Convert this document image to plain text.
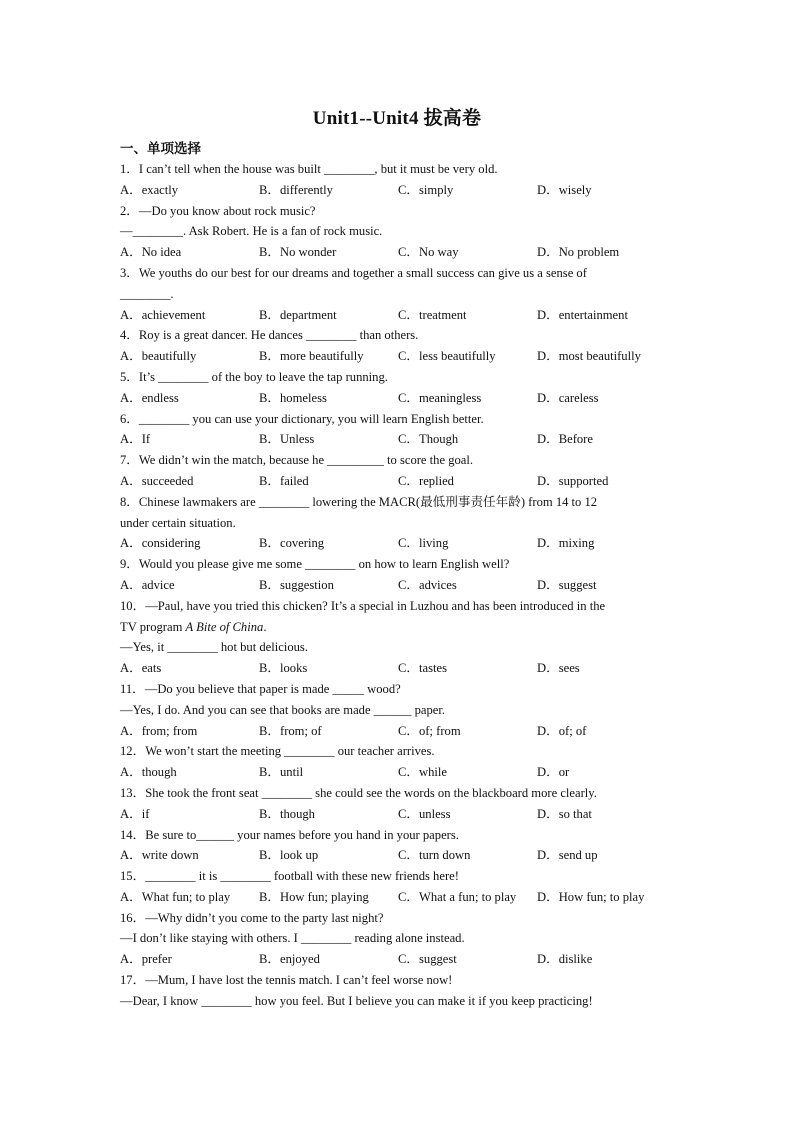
Unit1--Unit4 拔高卷
一、单项选择
1．I can’t tell when the house was built ________, but it must be very old.
A．exactly	B．differently	C．simply	D．wisely
2．—Do you know about rock music?
—________. Ask Robert. He is a fan of rock music.
A．No idea	B．No wonder	C．No way	D．No problem
3．We youths do our best for our dreams and together a small success can give us a sense of
________.
A．achievement	B．department	C．treatment	D．entertainment
4．Roy is a great dancer. He dances ________ than others.
A．beautifully	B．more beautifully	C．less beautifully	D．most beautifully
5．It’s ________ of the boy to leave the tap running.
A．endless	B．homeless	C．meaningless	D．careless
6．________ you can use your dictionary, you will learn English better.
A．If	B．Unless	C．Though	D．Before
7．We didn’t win the match, because he _________ to score the goal.
A．succeeded	B．failed	C．replied	D．supported
8．Chinese lawmakers are ________ lowering the MACR(最低刑事责任年龄) from 14 to 12
under certain situation.
A．considering	B．covering	C．living	D．mixing
9．Would you please give me some ________ on how to learn English well?
A．advice	B．suggestion	C．advices	D．suggest
10．—Paul, have you tried this chicken? It’s a special in Luzhou and has been introduced in the
TV program A Bite of China.
—Yes, it ________ hot but delicious.
A．eats	B．looks	C．tastes	D．sees
11．—Do you believe that paper is made _____ wood?
—Yes, I do. And you can see that books are made ______ paper.
A．from; from	B．from; of	C．of; from	D．of; of
12．We won’t start the meeting ________ our teacher arrives.
A．though	B．until	C．while	D．or
13．She took the front seat ________ she could see the words on the blackboard more clearly.
A．if	B．though	C．unless	D．so that
14．Be sure to______ your names before you hand in your papers.
A．write down	B．look up	C．turn down	D．send up
15．________ it is ________ football with these new friends here!
A．What fun; to play	B．How fun; playing	C．What a fun; to play	D．How fun; to play
16．—Why didn’t you come to the party last night?
—I don’t like staying with others. I ________ reading alone instead.
A．prefer	B．enjoyed	C．suggest	D．dislike
17．—Mum, I have lost the tennis match. I can’t feel worse now!
—Dear, I know ________ how you feel. But I believe you can make it if you keep practicing!
